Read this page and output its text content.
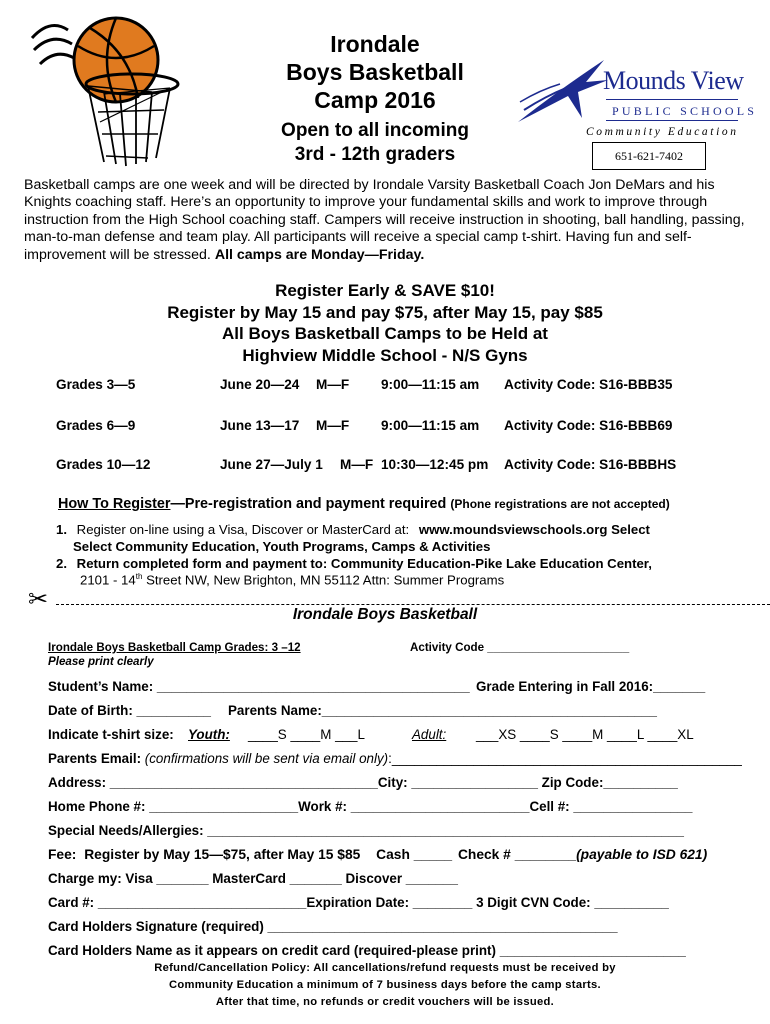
Irondale
Boys Basketball
Camp 2016
Open to all incoming
3rd - 12th graders
Mounds View
PUBLIC SCHOOLS
Community Education
651-621-7402
Basketball camps are one week and will be directed by Irondale Varsity Basketball Coach Jon DeMars and his Knights coaching staff. Here’s an opportunity to improve your fundamental skills and work to improve through instruction from the High School coaching staff. Campers will receive instruction in shooting, ball handling, passing, man-to-man defense and team play. All participants will receive a special camp t-shirt. Having fun and self-improvement will be stressed. All camps are Monday—Friday.
Register Early & SAVE $10!
Register by May 15 and pay $75, after May 15, pay $85
All Boys Basketball Camps to be Held at
Highview Middle School - N/S Gyns
Grades 3—5	June 20—24 M—F 9:00—11:15 am Activity Code: S16-BBB35
Grades 6—9	June 13—17 M—F 9:00—11:15 am Activity Code: S16-BBB69
Grades 10—12	June 27—July 1 M—F 10:30—12:45 pm Activity Code: S16-BBBHS
How To Register—Pre-registration and payment required (Phone registrations are not accepted)
1. Register on-line using a Visa, Discover or MasterCard at: www.moundsviewschools.org Select
Select Community Education, Youth Programs, Camps & Activities
2. Return completed form and payment to: Community Education-Pike Lake Education Center,
2101 - 14th Street NW, New Brighton, MN 55112 Attn: Summer Programs
✂
Irondale Boys Basketball
Irondale Boys Basketball Camp Grades: 3 –12
Please print clearly
Activity Code ______________________
Student’s Name: __________________________________________ Grade Entering in Fall 2016:_______
Date of Birth: __________ Parents Name:_____________________________________________
Indicate t-shirt size: Youth: ____S ____M ___L	Adult: ___XS ____S ____M ____L ____XL
Parents Email: (confirmations will be sent via email only):_______________________________________________
Address: ____________________________________City: _________________ Zip Code:__________
Home Phone #: ____________________Work #: ________________________Cell #: ________________
Special Needs/Allergies: ________________________________________________________________
Fee: Register by May 15—$75, after May 15 $85 Cash _____ Check # ________(payable to ISD 621)
Charge my: Visa _______ MasterCard _______ Discover _______
Card #: ____________________________Expiration Date: ________ 3 Digit CVN Code: __________
Card Holders Signature (required) _______________________________________________
Card Holders Name as it appears on credit card (required-please print) _________________________
Refund/Cancellation Policy: All cancellations/refund requests must be received by
Community Education a minimum of 7 business days before the camp starts.
After that time, no refunds or credit vouchers will be issued.
